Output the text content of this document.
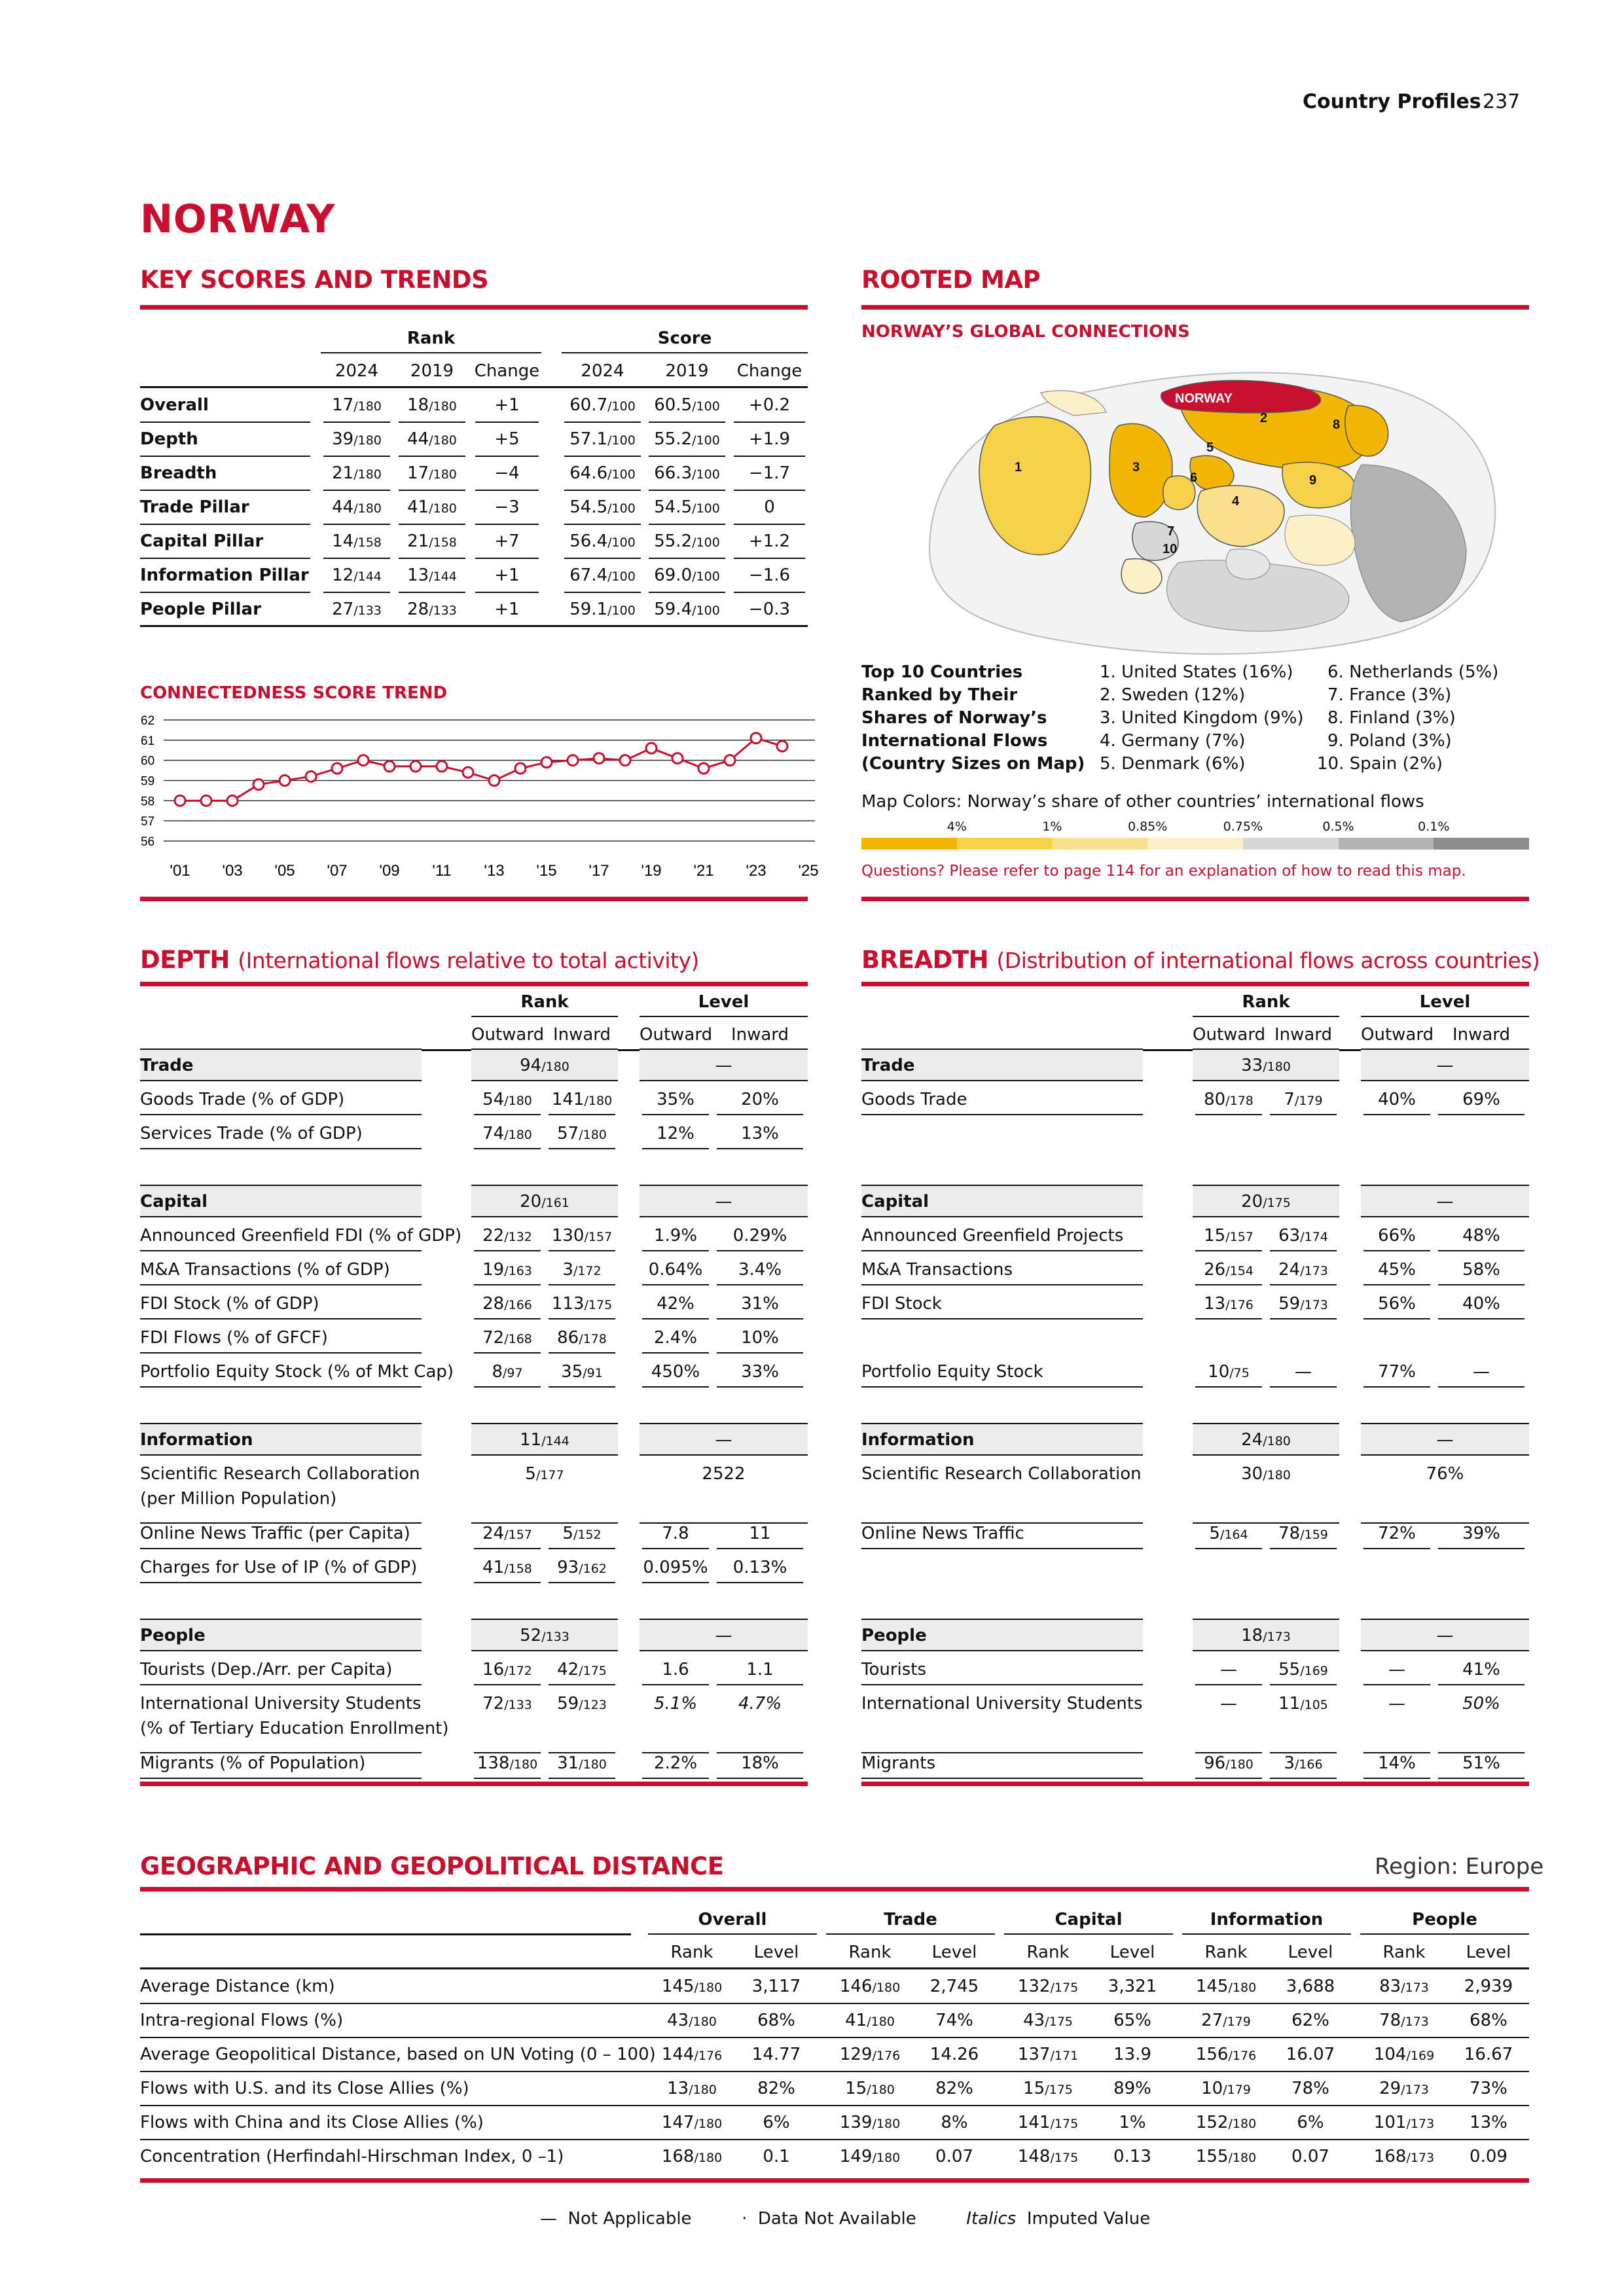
Country Profiles 237
NORWAY
KEY SCORES AND TRENDS
CONNECTEDNESS SCORE TREND
56
57
58
59
60
61
62
'01 '03 '05 '07 '09 '11 '13 '15 '17 '19 '21 '23 '25
ROOTED MAP
NORWAY’S GLOBAL CONNECTIONS
NORWAY
1
2
3
4
5
6
7
8
9
10
Top 10 Countries
Ranked by Their
Shares of Norway’s
International Flows
(Country Sizes on Map)
1. United States (16%)
2. Sweden (12%)
3. United Kingdom (9%)
4. Germany (7%)
5. Denmark (6%)
6. Netherlands (5%)
7. France (3%)
8. Finland (3%)
9. Poland (3%)
10. Spain (2%)
Map Colors: Norway’s share of other countries’ international flows
Questions? Please refer to page 114 for an explanation of how to read this map.
DEPTH (International flows relative to total activity)	BREADTH (Distribution of international flows across countries)
GEOGRAPHIC AND GEOPOLITICAL DISTANCE	Region: Europe
— Not Applicable	· Data Not Available	Italics Imputed Value
Rank	Score
2024	2019	Change	2024	2019	Change
Overall	17/180	18/180	+1	60.7/100	60.5/100	+0.2
Depth	39/180	44/180	+5	57.1/100	55.2/100	+1.9
Breadth	21/180	17/180	−4	64.6/100	66.3/100	−1.7
Trade Pillar	44/180	41/180	−3	54.5/100	54.5/100	0
Capital Pillar	14/158	21/158	+7	56.4/100	55.2/100	+1.2
Information Pillar	12/144	13/144	+1	67.4/100	69.0/100	−1.6
People Pillar	27/133	28/133	+1	59.1/100	59.4/100	−0.3
4%	1%	0.85%	0.75%	0.5%	0.1%
Rank	Level
Outward Inward	Outward	Inward
Trade	94/180	—
Goods Trade (% of GDP)	54/180	141/180	35%	20%
Services Trade (% of GDP)	74/180	57/180	12%	13%
Capital	20/161	—
Announced Greenfield FDI (% of GDP)	22/132	130/157	1.9%	0.29%
M&A Transactions (% of GDP)	19/163	3/172	0.64%	3.4%
FDI Stock (% of GDP)	28/166	113/175	42%	31%
FDI Flows (% of GFCF)	72/168	86/178	2.4%	10%
Portfolio Equity Stock (% of Mkt Cap)	8/97	35/91	450%	33%
Information	11/144	—
Scientific Research Collaboration
(per Million Population)
5/177	2522
Online News Traffic (per Capita)	24/157	5/152	7.8	11
Charges for Use of IP (% of GDP)	41/158	93/162	0.095%	0.13%
People	52/133	—
Tourists (Dep./Arr. per Capita)	16/172	42/175	1.6	1.1
International University Students
(% of Tertiary Education Enrollment)
72/133	59/123	5.1%	4.7%
Migrants (% of Population)	138/180	31/180	2.2%	18%
Rank	Level
Outward Inward	Outward	Inward
Trade	33/180	—
Goods Trade	80/178	7/179	40%	69%
Capital	20/175	—
Announced Greenfield Projects	15/157	63/174	66%	48%
M&A Transactions	26/154	24/173	45%	58%
FDI Stock	13/176	59/173	56%	40%
Portfolio Equity Stock	10/75	—	77%	—
Information	24/180	—
Scientific Research Collaboration	30/180	76%
Online News Traffic	5/164	78/159	72%	39%
People	18/173	—
Tourists	—	55/169	—	41%
International University Students	—	11/105	—	50%
Migrants	96/180	3/166	14%	51%
Overall
Rank	Level
Trade
Rank	Level
Capital
Rank	Level
Information
Rank	Level
People
Rank	Level
Average Distance (km)	145/180	3,117	146/180	2,745	132/175	3,321	145/180	3,688	83/173	2,939
Intra-regional Flows (%)	43/180	68%	41/180	74%	43/175	65%	27/179	62%	78/173	68%
Average Geopolitical Distance, based on UN Voting (0 – 100) 144/176	14.77	129/176	14.26	137/171	13.9	156/176	16.07	104/169	16.67
Flows with U.S. and its Close Allies (%)	13/180	82%	15/180	82%	15/175	89%	10/179	78%	29/173	73%
Flows with China and its Close Allies (%)	147/180	6%	139/180	8%	141/175	1%	152/180	6%	101/173	13%
Concentration (Herfindahl-Hirschman Index, 0 –1)	168/180	0.1	149/180	0.07	148/175	0.13	155/180	0.07	168/173	0.09
